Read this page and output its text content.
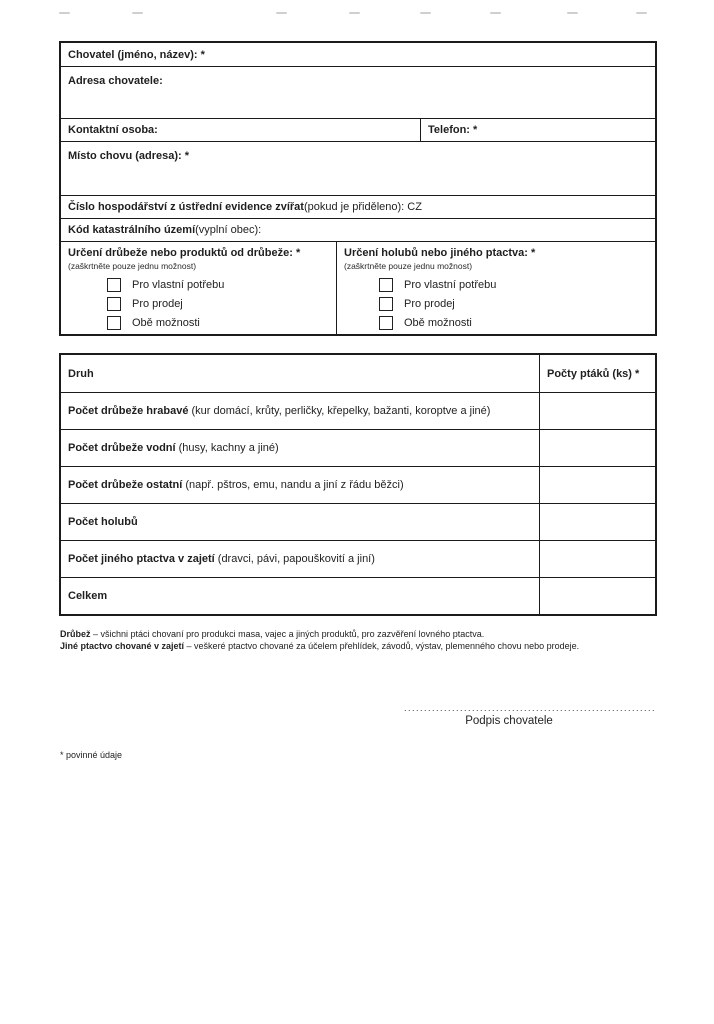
Chovatel (jméno, název): *
Adresa chovatele:
Kontaktní osoba:	Telefon: *
Místo chovu (adresa): *
Číslo hospodářství z ústřední evidence zvířat (pokud je přiděleno): CZ
Kód katastrálního území (vyplní obec):
Určení drůbeže nebo produktů od drůbeže: *
(zaškrtněte pouze jednu možnost)
Pro vlastní potřebu
Pro prodej
Obě možnosti
Určení holubů nebo jiného ptactva: *
(zaškrtněte pouze jednu možnost)
Pro vlastní potřebu
Pro prodej
Obě možnosti
Druh	Počty ptáků (ks) *
Počet drůbeže hrabavé (kur domácí, krůty, perličky, křepelky, bažanti, koroptve a jiné)
Počet drůbeže vodní (husy, kachny a jiné)
Počet drůbeže ostatní (např. pštros, emu, nandu a jiní z řádu běžci)
Počet holubů
Počet jiného ptactva v zajetí (dravci, pávi, papouškovití a jiní)
Celkem
Drůbež – všichni ptáci chovaní pro produkci masa, vajec a jiných produktů, pro zazvěření lovného ptactva.
Jiné ptactvo chované v zajetí – veškeré ptactvo chované za účelem přehlídek, závodů, výstav, plemenného chovu nebo prodeje.
...............................................................
Podpis chovatele
* povinné údaje
